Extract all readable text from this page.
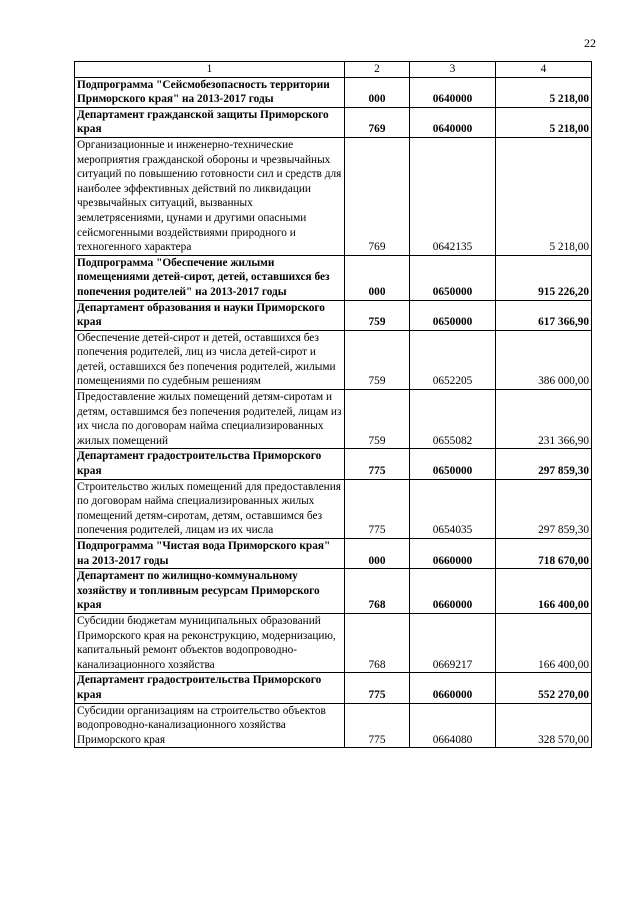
22
1	2	3	4
Подпрограмма "Сейсмобезопасность территории Приморского края" на 2013-2017 годы	000	0640000	5 218,00
Департамент гражданской защиты Приморского края	769	0640000	5 218,00
Организационные и инженерно-технические мероприятия гражданской обороны и чрезвычайных ситуаций по повышению готовности сил и средств для наиболее эффективных действий по ликвидации чрезвычайных ситуаций, вызванных землетрясениями, цунами и другими опасными сейсмогенными воздействиями природного и техногенного характера	769	0642135	5 218,00
Подпрограмма "Обеспечение жилыми помещениями детей-сирот, детей, оставшихся без попечения родителей" на 2013-2017 годы	000	0650000	915 226,20
Департамент образования и науки Приморского края	759	0650000	617 366,90
Обеспечение детей-сирот и детей, оставшихся без попечения родителей, лиц из числа детей-сирот и детей, оставшихся без попечения родителей, жилыми помещениями по судебным решениям	759	0652205	386 000,00
Предоставление жилых помещений детям-сиротам и детям, оставшимся без попечения родителей, лицам из их числа по договорам найма специализированных жилых помещений	759	0655082	231 366,90
Департамент градостроительства Приморского края	775	0650000	297 859,30
Строительство жилых помещений для предоставления по договорам найма специализированных жилых помещений детям-сиротам, детям, оставшимся без попечения родителей, лицам из их числа	775	0654035	297 859,30
Подпрограмма "Чистая вода Приморского края" на 2013-2017 годы	000	0660000	718 670,00
Департамент по жилищно-коммунальному хозяйству и топливным ресурсам Приморского края	768	0660000	166 400,00
Субсидии бюджетам муниципальных образований Приморского края на реконструкцию, модернизацию, капитальный ремонт объектов водопроводно-канализационного хозяйства	768	0669217	166 400,00
Департамент градостроительства Приморского края	775	0660000	552 270,00
Субсидии организациям на строительство объектов водопроводно-канализационного хозяйства Приморского края	775	0664080	328 570,00
